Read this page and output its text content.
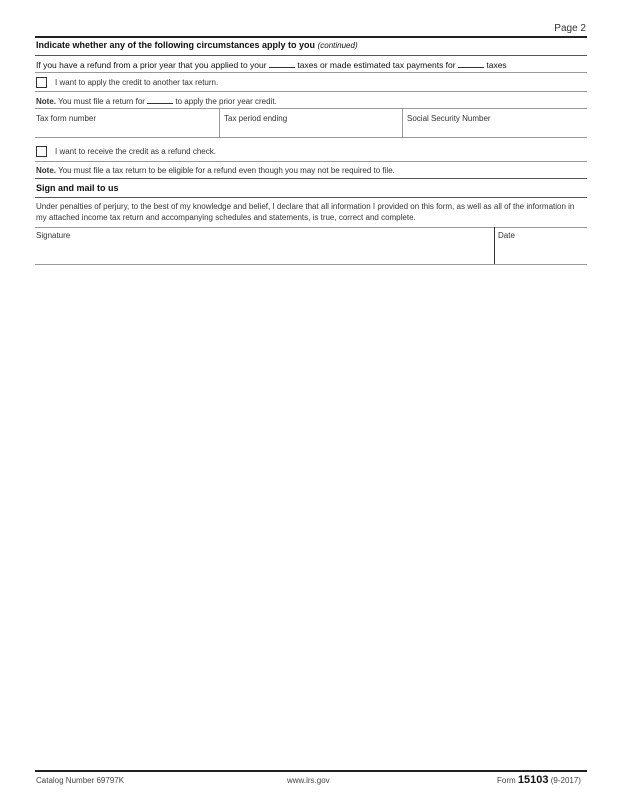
Page 2
Indicate whether any of the following circumstances apply to you (continued)
If you have a refund from a prior year that you applied to your	taxes or made estimated tax payments for	taxes
I want to apply the credit to another tax return.
Note. You must file a return for	to apply the prior year credit.
Tax form number	Tax period ending	Social Security Number
I want to receive the credit as a refund check.
Note. You must file a tax return to be eligible for a refund even though you may not be required to file.
Sign and mail to us
Under penalties of perjury, to the best of my knowledge and belief, I declare that all information I provided on this form, as well as all of the information in my attached income tax return and accompanying schedules and statements, is true, correct and complete.
Signature	Date
Catalog Number 69797K	www.irs.gov	Form 15103 (9-2017)
